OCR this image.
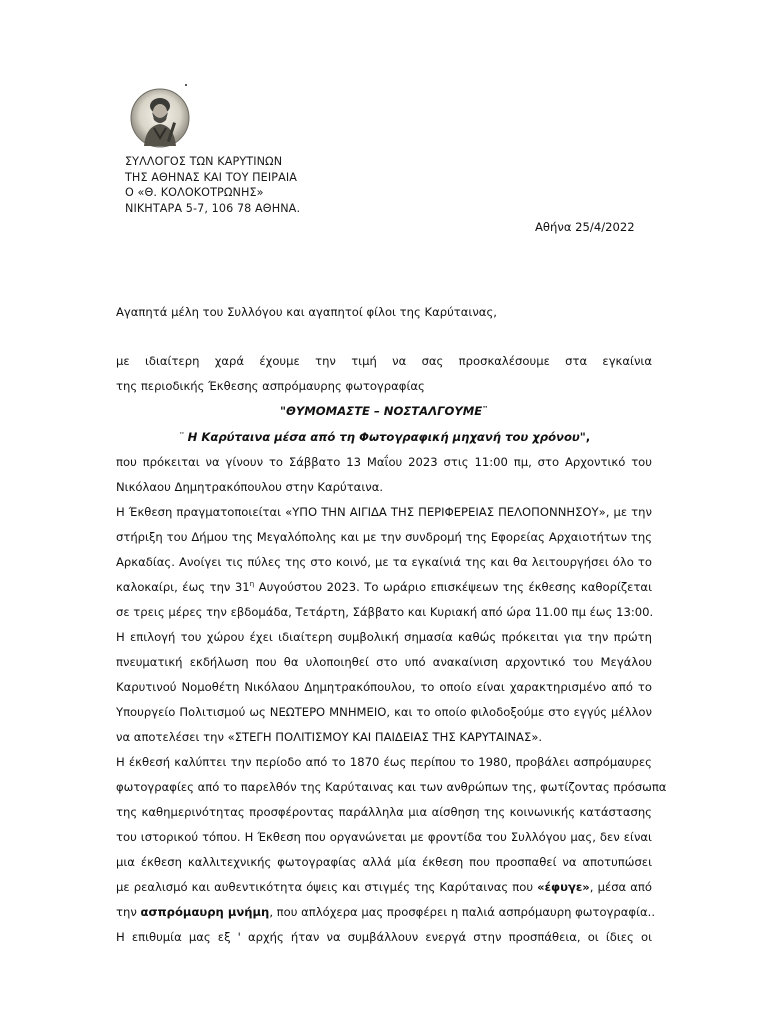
ΣΥΛΛΟΓΟΣ ΤΩΝ ΚΑΡΥΤΙΝΩΝ
ΤΗΣ ΑΘΗΝΑΣ ΚΑΙ ΤΟΥ ΠΕΙΡΑΙΑ
Ο «Θ. ΚΟΛΟΚΟΤΡΩΝΗΣ»
ΝΙΚΗΤΑΡΑ 5-7, 106 78 ΑΘΗΝΑ.
Αθήνα 25/4/2022
Αγαπητά μέλη του Συλλόγου και αγαπητοί φίλοι της Καρύταινας,
με ιδιαίτερη χαρά έχουμε την τιμή να σας προσκαλέσουμε στα εγκαίνια
της περιοδικής Έκθεσης ασπρόμαυρης φωτογραφίας
"ΘΥΜΟΜΑΣΤΕ – ΝΟΣΤΑΛΓΟΥΜΕ¨
¨ Η Καρύταινα μέσα από τη Φωτογραφική μηχανή του χρόνου",
που πρόκειται να γίνουν το Σάββατο 13 Μαΐου 2023 στις 11:00 πμ, στο Αρχοντικό του
Νικόλαου Δημητρακόπουλου στην Καρύταινα.
Η Έκθεση πραγματοποιείται «ΥΠΟ ΤΗΝ ΑΙΓΙΔΑ ΤΗΣ ΠΕΡΙΦΕΡΕΙΑΣ ΠΕΛΟΠΟΝΝΗΣΟΥ», με την
στήριξη του Δήμου της Μεγαλόπολης και με την συνδρομή της Εφορείας Αρχαιοτήτων της
Αρκαδίας. Ανοίγει τις πύλες της στο κοινό, με τα εγκαίνιά της και θα λειτουργήσει όλο το
καλοκαίρι, έως την $31^\eta$ Αυγούστου 2023. Το ωράριο επισκέψεων της έκθεσης καθορίζεται
σε τρεις μέρες την εβδομάδα, Τετάρτη, Σάββατο και Κυριακή από ώρα 11.00 πμ έως 13:00.
Η επιλογή του χώρου έχει ιδιαίτερη συμβολική σημασία καθώς πρόκειται για την πρώτη
πνευματική εκδήλωση που θα υλοποιηθεί στο υπό ανακαίνιση αρχοντικό του Μεγάλου
Καρυτινού Νομοθέτη Νικόλαου Δημητρακόπουλου, το οποίο είναι χαρακτηρισμένο από το
Υπουργείο Πολιτισμού ως ΝΕΩΤΕΡΟ ΜΝΗΜΕΙΟ, και το οποίο φιλοδοξούμε στο εγγύς μέλλον
να αποτελέσει την «ΣΤΕΓΗ ΠΟΛΙΤΙΣΜΟΥ ΚΑΙ ΠΑΙΔΕΙΑΣ ΤΗΣ ΚΑΡΥΤΑΙΝΑΣ».
Η έκθεσή καλύπτει την περίοδο από το 1870 έως περίπου το 1980, προβάλει ασπρόμαυρες
φωτογραφίες από το παρελθόν της Καρύταινας και των ανθρώπων της, φωτίζοντας πρόσωπα
της καθημερινότητας προσφέροντας παράλληλα μια αίσθηση της κοινωνικής κατάστασης
του ιστορικού τόπου. Η Έκθεση που οργανώνεται με φροντίδα του Συλλόγου μας, δεν είναι
μια έκθεση καλλιτεχνικής φωτογραφίας αλλά μία έκθεση που προσπαθεί να αποτυπώσει
με ρεαλισμό και αυθεντικότητα όψεις και στιγμές της Καρύταινας που «έφυγε», μέσα από
την ασπρόμαυρη μνήμη, που απλόχερα μας προσφέρει η παλιά ασπρόμαυρη φωτογραφία..
Η επιθυμία μας εξ ' αρχής ήταν να συμβάλλουν ενεργά στην προσπάθεια, οι ίδιες οι
